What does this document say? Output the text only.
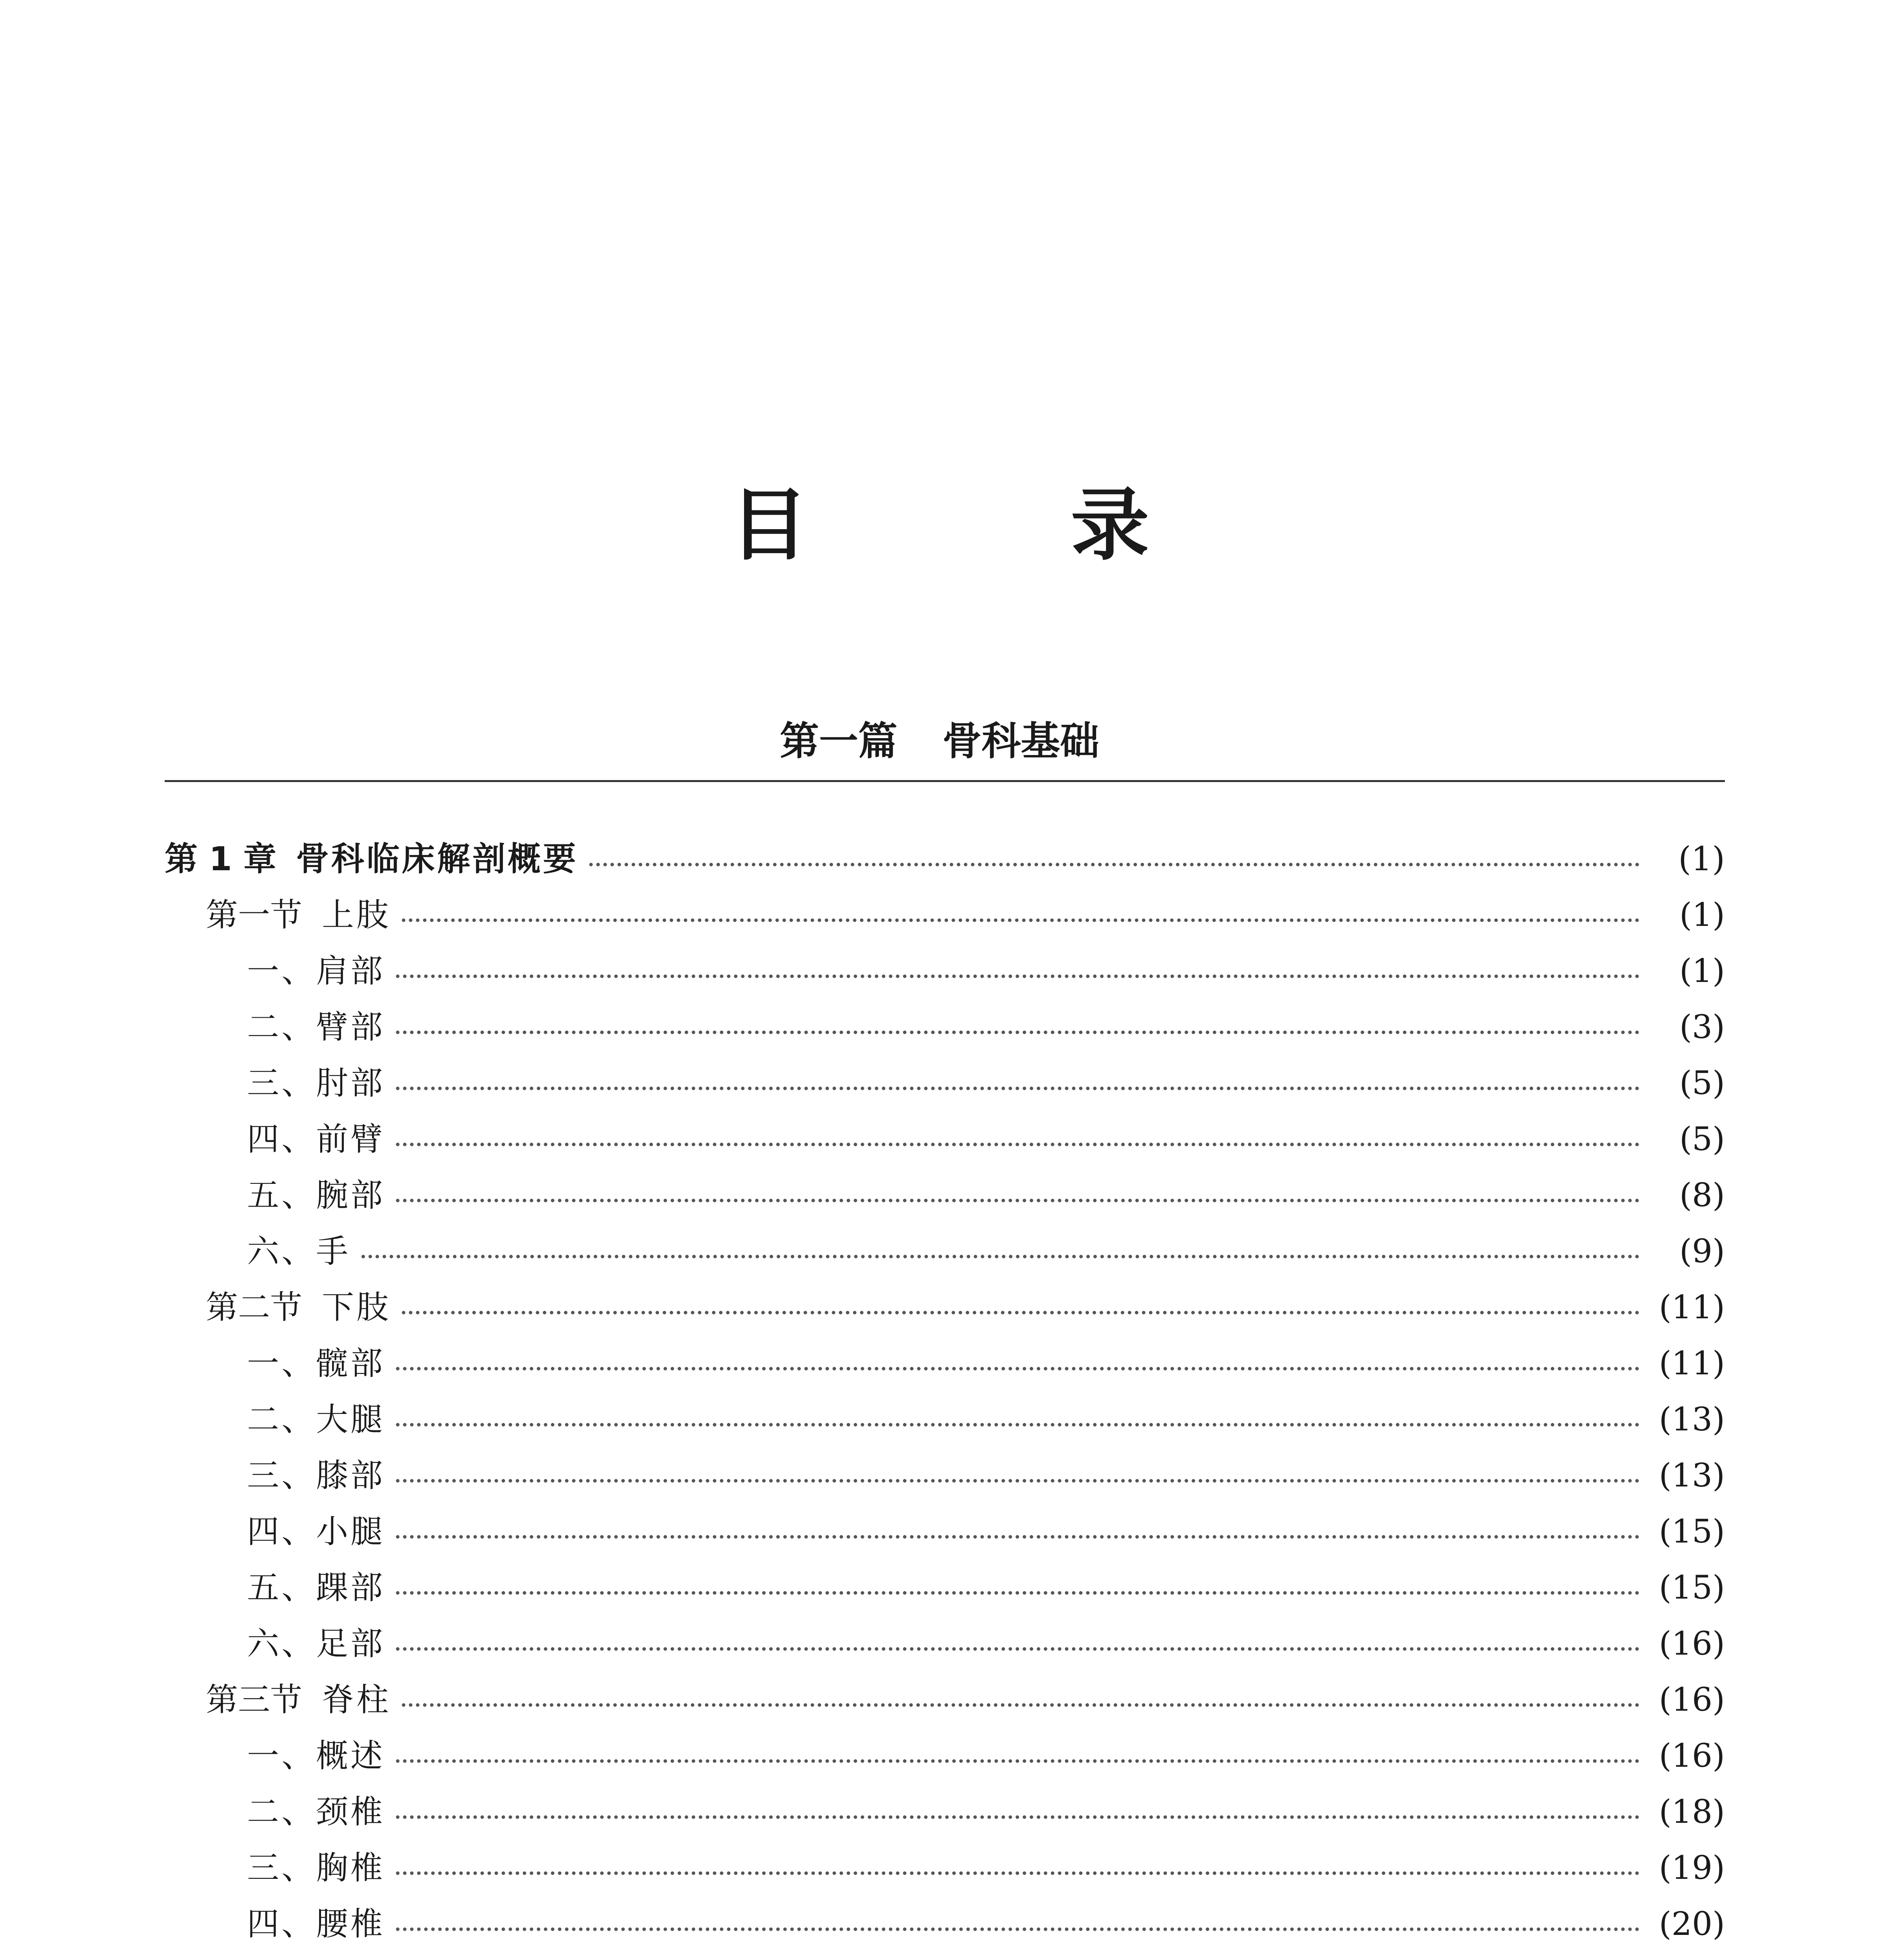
目 录
第一篇 骨科基础
第 1 章 骨科临床解剖概要	(1)
第一节 上肢	(1)
一、肩部	(1)
二、臂部	(3)
三、肘部	(5)
四、前臂	(5)
五、腕部	(8)
六、手	(9)
第二节 下肢	(11)
一、髋部	(11)
二、大腿	(13)
三、膝部	(13)
四、小腿	(15)
五、踝部	(15)
六、足部	(16)
第三节 脊柱	(16)
一、概述	(16)
二、颈椎	(18)
三、胸椎	(19)
四、腰椎	(20)
